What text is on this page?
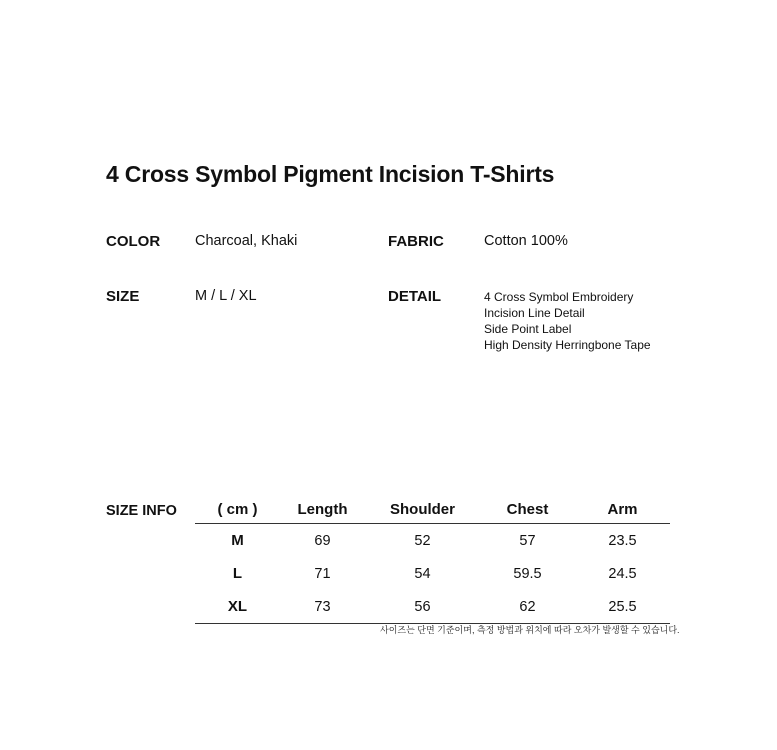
4 Cross Symbol Pigment Incision T-Shirts
COLOR Charcoal, Khaki	FABRIC	Cotton 100%
SIZE	M / L / XL	DETAIL	4 Cross Symbol Embroidery
Incision Line Detail
Side Point Label
High Density Herringbone Tape
SIZE INFO	( cm )	Length	Shoulder	Chest	Arm
M	69	52	57	23.5
L	71	54	59.5	24.5
XL	73	56	62	25.5
사이즈는 단면 기준이며, 측정 방법과 위치에 따라 오차가 발생할 수 있습니다.
